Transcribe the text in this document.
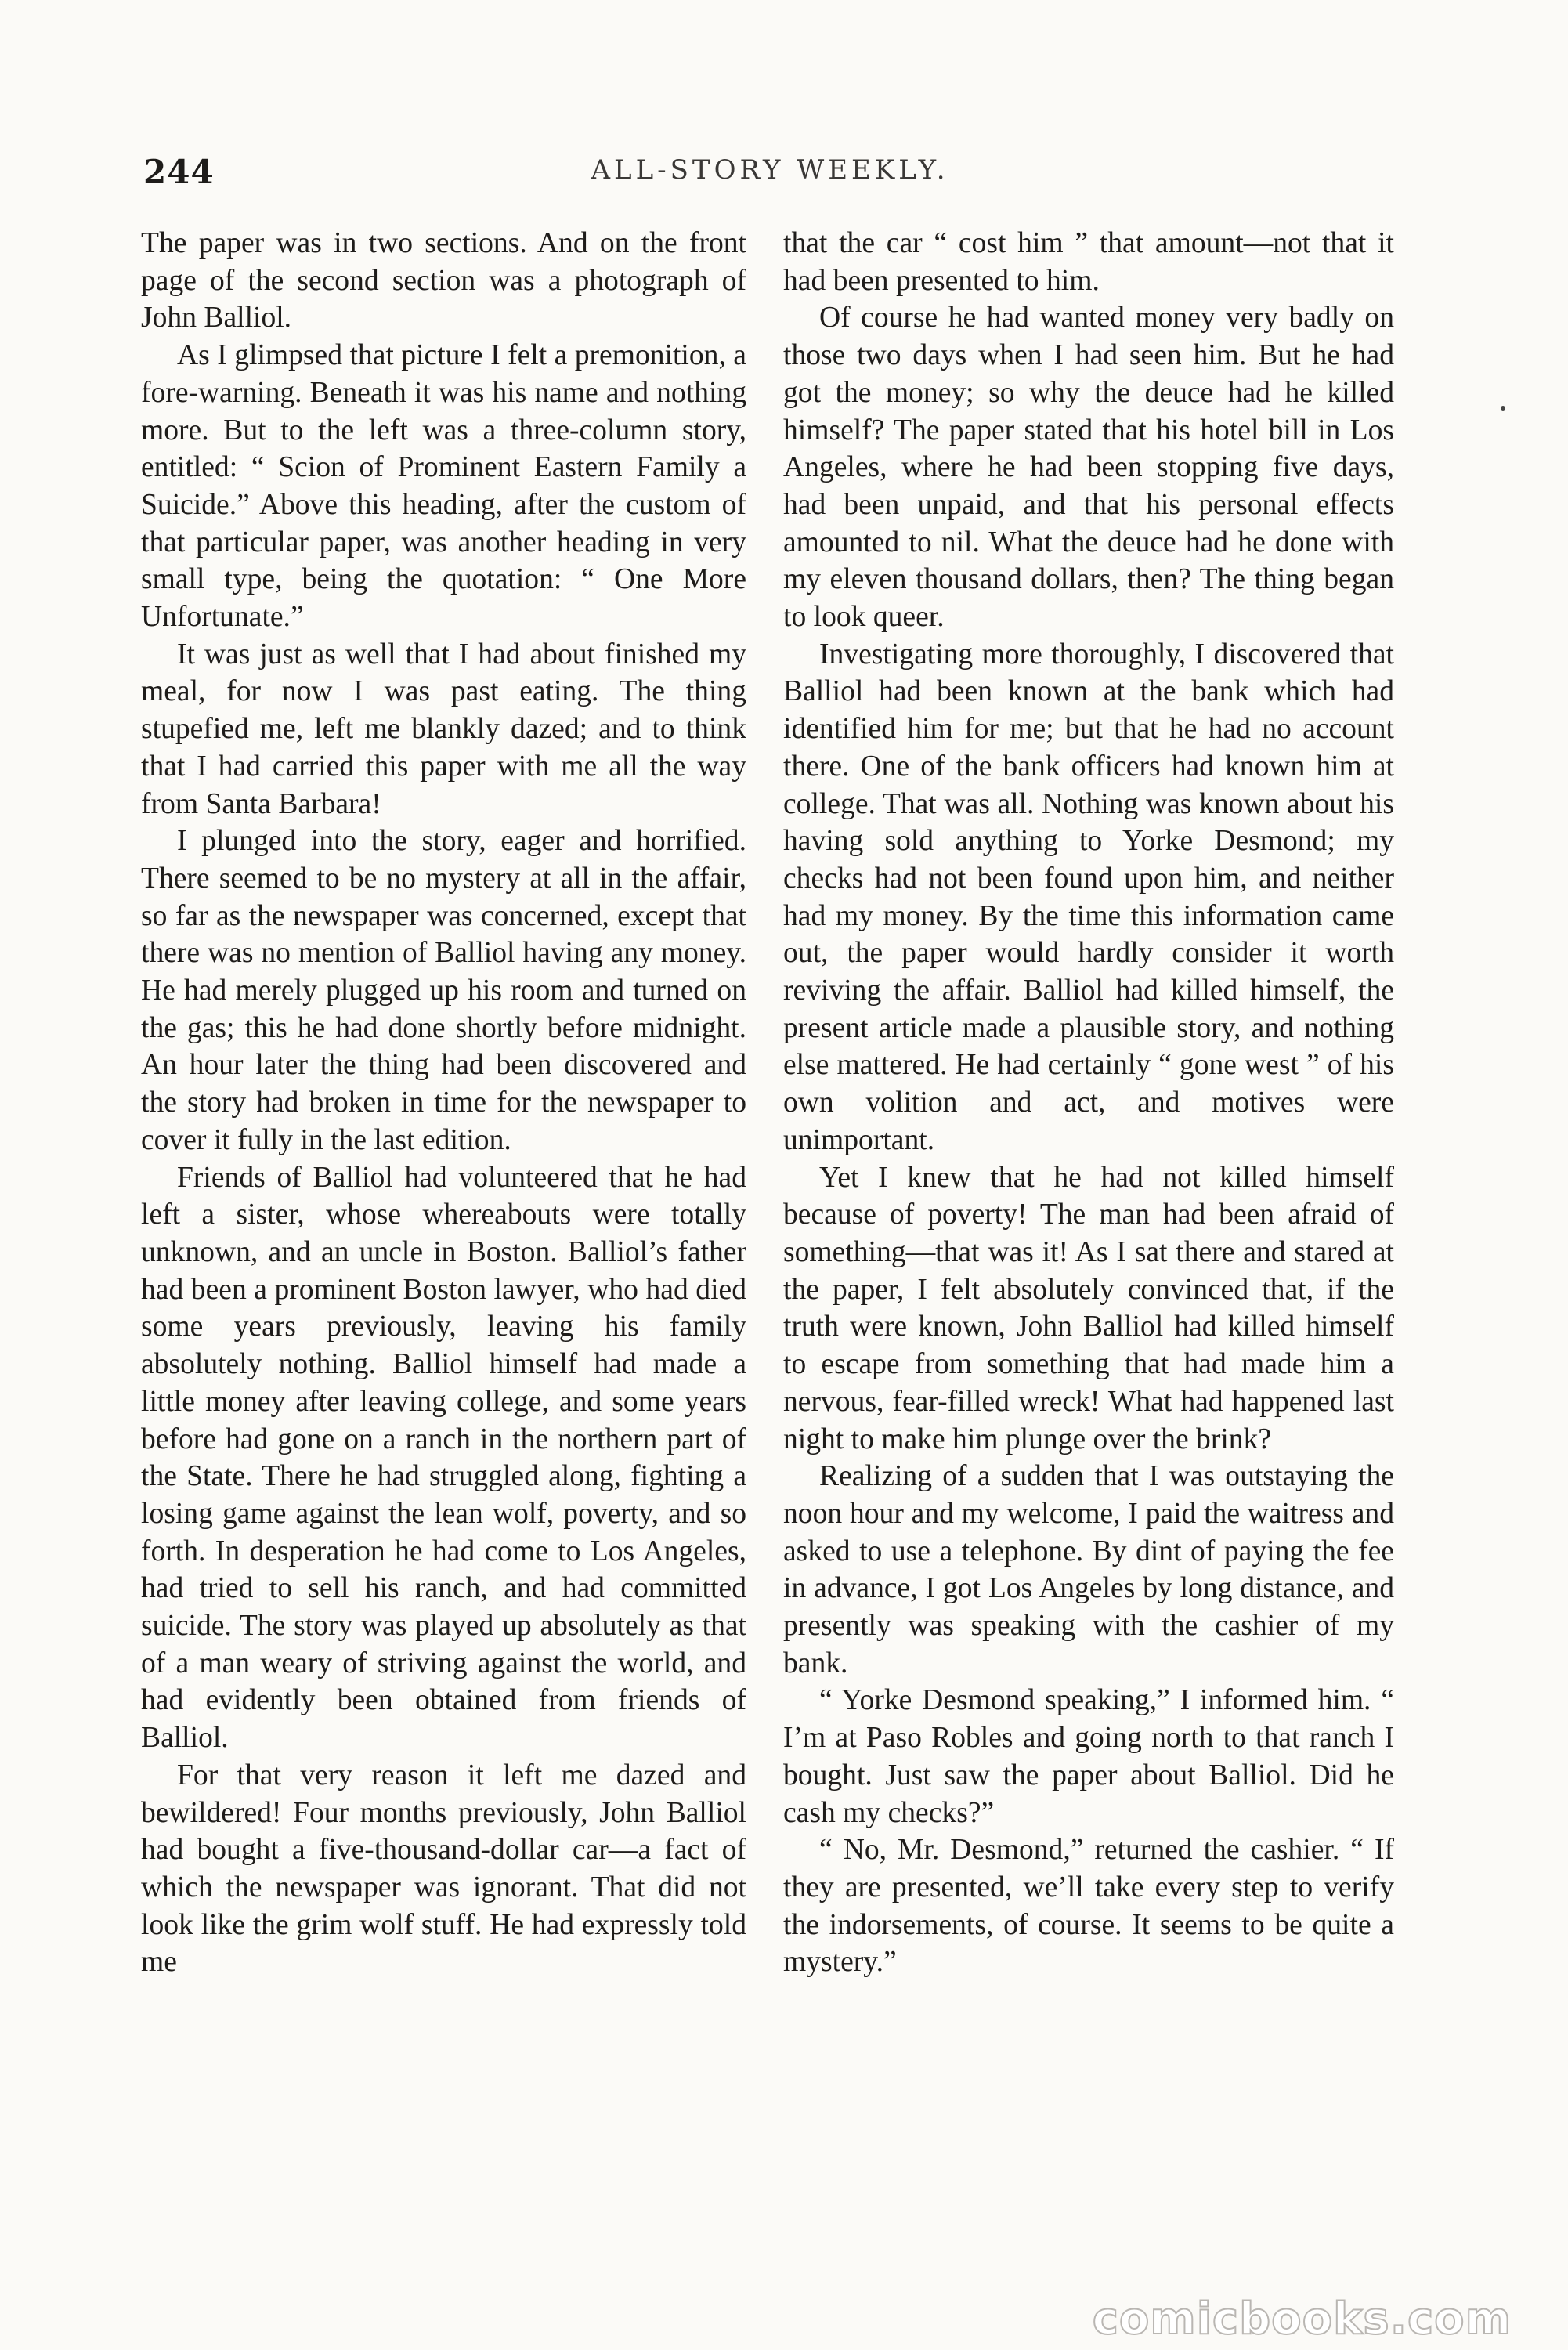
244	ALL-STORY WEEKLY.

The paper was in two sections. And on the front page of the second section was a photograph of John Balliol.

As I glimpsed that picture I felt a premonition, a fore-warning. Beneath it was his name and nothing more. But to the left was a three-column story, entitled: “ Scion of Prominent Eastern Family a Suicide.” Above this heading, after the custom of that particular paper, was another heading in very small type, being the quotation: “ One More Unfortunate.”

It was just as well that I had about finished my meal, for now I was past eating. The thing stupefied me, left me blankly dazed; and to think that I had carried this paper with me all the way from Santa Barbara!

I plunged into the story, eager and horrified. There seemed to be no mystery at all in the affair, so far as the newspaper was concerned, except that there was no mention of Balliol having any money. He had merely plugged up his room and turned on the gas; this he had done shortly before midnight. An hour later the thing had been discovered and the story had broken in time for the newspaper to cover it fully in the last edition.

Friends of Balliol had volunteered that he had left a sister, whose whereabouts were totally unknown, and an uncle in Boston. Balliol’s father had been a prominent Boston lawyer, who had died some years previously, leaving his family absolutely nothing. Balliol himself had made a little money after leaving college, and some years before had gone on a ranch in the northern part of the State. There he had struggled along, fighting a losing game against the lean wolf, poverty, and so forth. In desperation he had come to Los Angeles, had tried to sell his ranch, and had committed suicide. The story was played up absolutely as that of a man weary of striving against the world, and had evidently been obtained from friends of Balliol.

For that very reason it left me dazed and bewildered! Four months previously, John Balliol had bought a five-thousand-dollar car—a fact of which the newspaper was ignorant. That did not look like the grim wolf stuff. He had expressly told me

that the car “ cost him ” that amount—not that it had been presented to him.

Of course he had wanted money very badly on those two days when I had seen him. But he had got the money; so why the deuce had he killed himself? The paper stated that his hotel bill in Los Angeles, where he had been stopping five days, had been unpaid, and that his personal effects amounted to nil. What the deuce had he done with my eleven thousand dollars, then? The thing began to look queer.

Investigating more thoroughly, I discovered that Balliol had been known at the bank which had identified him for me; but that he had no account there. One of the bank officers had known him at college. That was all. Nothing was known about his having sold anything to Yorke Desmond; my checks had not been found upon him, and neither had my money. By the time this information came out, the paper would hardly consider it worth reviving the affair. Balliol had killed himself, the present article made a plausible story, and nothing else mattered. He had certainly “ gone west ” of his own volition and act, and motives were unimportant.

Yet I knew that he had not killed himself because of poverty! The man had been afraid of something—that was it! As I sat there and stared at the paper, I felt absolutely convinced that, if the truth were known, John Balliol had killed himself to escape from something that had made him a nervous, fear-filled wreck! What had happened last night to make him plunge over the brink?

Realizing of a sudden that I was outstaying the noon hour and my welcome, I paid the waitress and asked to use a telephone. By dint of paying the fee in advance, I got Los Angeles by long distance, and presently was speaking with the cashier of my bank.

“ Yorke Desmond speaking,” I informed him. “ I’m at Paso Robles and going north to that ranch I bought. Just saw the paper about Balliol. Did he cash my checks?”

“ No, Mr. Desmond,” returned the cashier. “ If they are presented, we’ll take every step to verify the indorsements, of course. It seems to be quite a mystery.”

comicbooks.com
